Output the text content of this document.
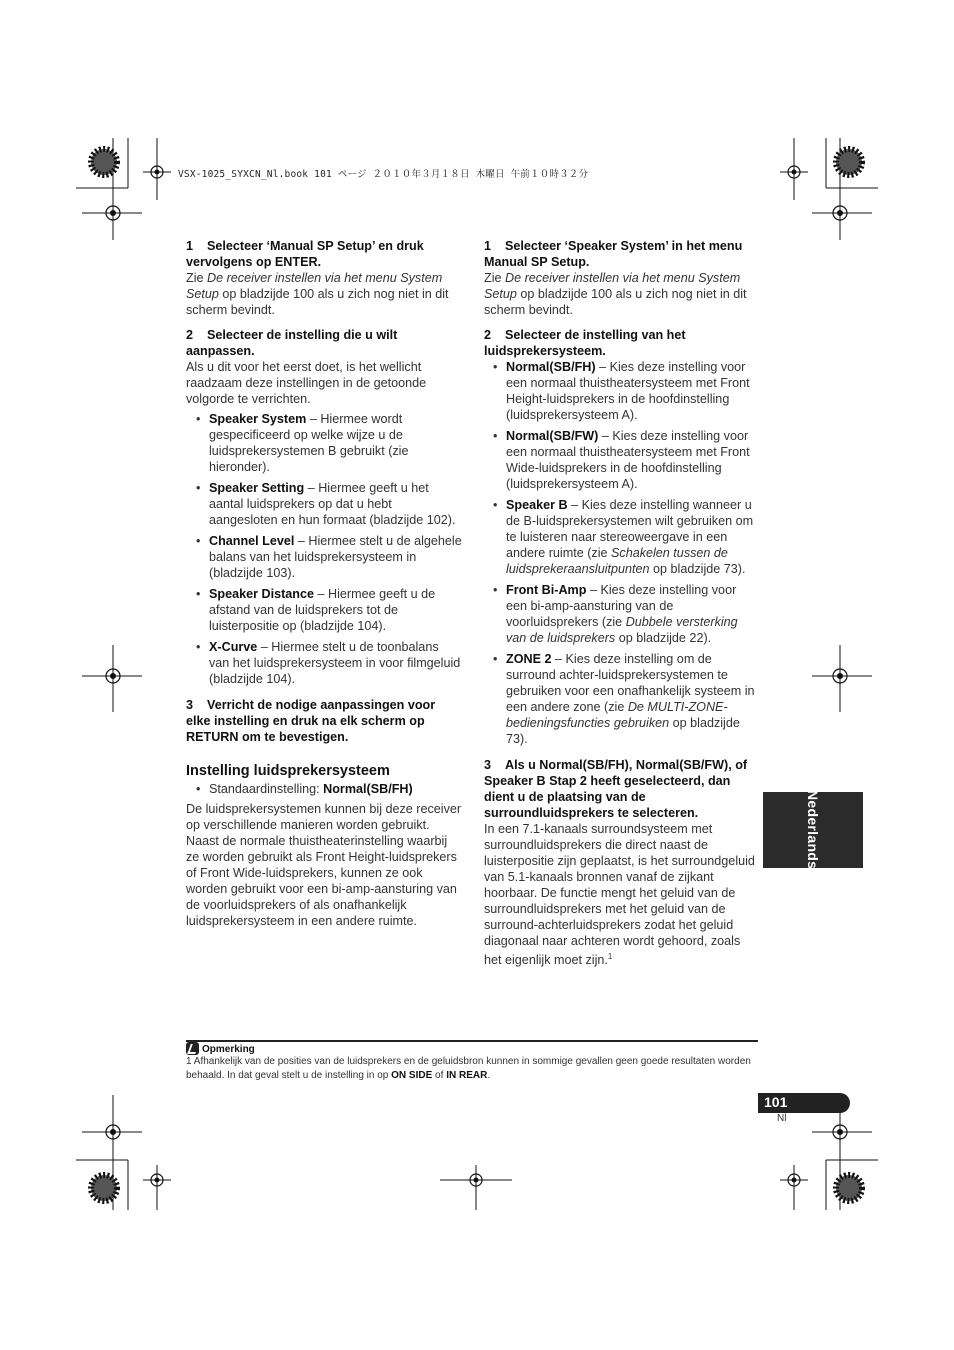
VSX-1025_SYXCN_Nl.book 101 ページ ２０１０年３月１８日 木曜日 午前１０時３２分

1 Selecteer ‘Manual SP Setup’ en druk vervolgens op ENTER.

Zie De receiver instellen via het menu System Setup op bladzijde 100 als u zich nog niet in dit scherm bevindt.

2 Selecteer de instelling die u wilt aanpassen.

Als u dit voor het eerst doet, is het wellicht raadzaam deze instellingen in de getoonde volgorde te verrichten.

• Speaker System – Hiermee wordt gespecificeerd op welke wijze u de luidsprekersystemen B gebruikt (zie hieronder).
• Speaker Setting – Hiermee geeft u het aantal luidsprekers op dat u hebt aangesloten en hun formaat (bladzijde 102).
• Channel Level – Hiermee stelt u de algehele balans van het luidsprekersysteem in (bladzijde 103).
• Speaker Distance – Hiermee geeft u de afstand van de luidsprekers tot de luisterpositie op (bladzijde 104).
• X-Curve – Hiermee stelt u de toonbalans van het luidsprekersysteem in voor filmgeluid (bladzijde 104).

3 Verricht de nodige aanpassingen voor elke instelling en druk na elk scherm op RETURN om te bevestigen.

Instelling luidsprekersysteem

• Standaardinstelling: Normal(SB/FH)

De luidsprekersystemen kunnen bij deze receiver op verschillende manieren worden gebruikt. Naast de normale thuistheaterinstelling waarbij ze worden gebruikt als Front Height-luidsprekers of Front Wide-luidsprekers, kunnen ze ook worden gebruikt voor een bi-amp-aansturing van de voorluidsprekers of als onafhankelijk luidsprekersysteem in een andere ruimte.

1 Selecteer ‘Speaker System’ in het menu Manual SP Setup.

Zie De receiver instellen via het menu System Setup op bladzijde 100 als u zich nog niet in dit scherm bevindt.

2 Selecteer de instelling van het luidsprekersysteem.

• Normal(SB/FH) – Kies deze instelling voor een normaal thuistheatersysteem met Front Height-luidsprekers in de hoofdinstelling (luidsprekersysteem A).
• Normal(SB/FW) – Kies deze instelling voor een normaal thuistheatersysteem met Front Wide-luidsprekers in de hoofdinstelling (luidsprekersysteem A).
• Speaker B – Kies deze instelling wanneer u de B-luidsprekersystemen wilt gebruiken om te luisteren naar stereoweergave in een andere ruimte (zie Schakelen tussen de luidsprekeraansluitpunten op bladzijde 73).
• Front Bi-Amp – Kies deze instelling voor een bi-amp-aansturing van de voorluidsprekers (zie Dubbele versterking van de luidsprekers op bladzijde 22).
• ZONE 2 – Kies deze instelling om de surround achter-luidsprekersystemen te gebruiken voor een onafhankelijk systeem in een andere zone (zie De MULTI-ZONE-bedieningsfuncties gebruiken op bladzijde 73).

3 Als u Normal(SB/FH), Normal(SB/FW), of Speaker B Stap 2 heeft geselecteerd, dan dient u de plaatsing van de surroundluidsprekers te selecteren.

In een 7.1-kanaals surroundsysteem met surroundluidsprekers die direct naast de luisterpositie zijn geplaatst, is het surroundgeluid van 5.1-kanaals bronnen vanaf de zijkant hoorbaar. De functie mengt het geluid van de surroundluidsprekers met het geluid van de surround-achterluidsprekers zodat het geluid diagonaal naar achteren wordt gehoord, zoals het eigenlijk moet zijn.$^1$

Opmerking
1 Afhankelijk van de posities van de luidsprekers en de geluidsbron kunnen in sommige gevallen geen goede resultaten worden behaald. In dat geval stelt u de instelling in op ON SIDE of IN REAR.
Nederlands
101
Nl
